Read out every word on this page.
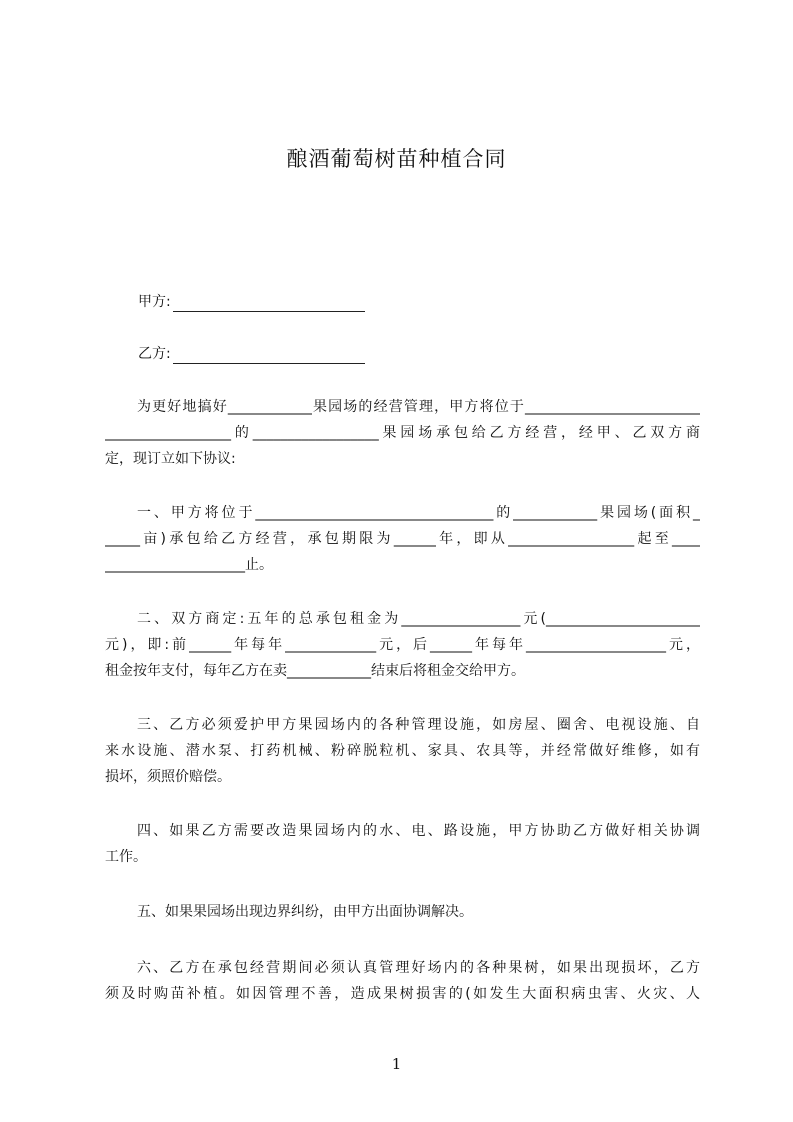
酿酒葡萄树苗种植合同
甲方:
乙方:
为更好地搞好____________果园场的经营管理，甲方将位于_________________________
__________________的__________________果园场承包给乙方经营，经甲、乙双方商
定，现订立如下协议:
一、甲方将位于__________________________________的____________果园场(面积_
_____亩)承包给乙方经营，承包期限为______年，即从__________________起至____
____________________止。
二、双方商定:五年的总承包租金为_________________元(______________________
元)，即:前______年每年_____________元，后______年每年____________________元，
租金按年支付，每年乙方在卖____________结束后将租金交给甲方。
三、乙方必须爱护甲方果园场内的各种管理设施，如房屋、圈舍、电视设施、自
来水设施、潜水泵、打药机械、粉碎脱粒机、家具、农具等，并经常做好维修，如有
损坏，须照价赔偿。
四、如果乙方需要改造果园场内的水、电、路设施，甲方协助乙方做好相关协调
工作。
五、如果果园场出现边界纠纷，由甲方出面协调解决。
六、乙方在承包经营期间必须认真管理好场内的各种果树，如果出现损坏，乙方
须及时购苗补植。如因管理不善，造成果树损害的(如发生大面积病虫害、火灾、人
1
